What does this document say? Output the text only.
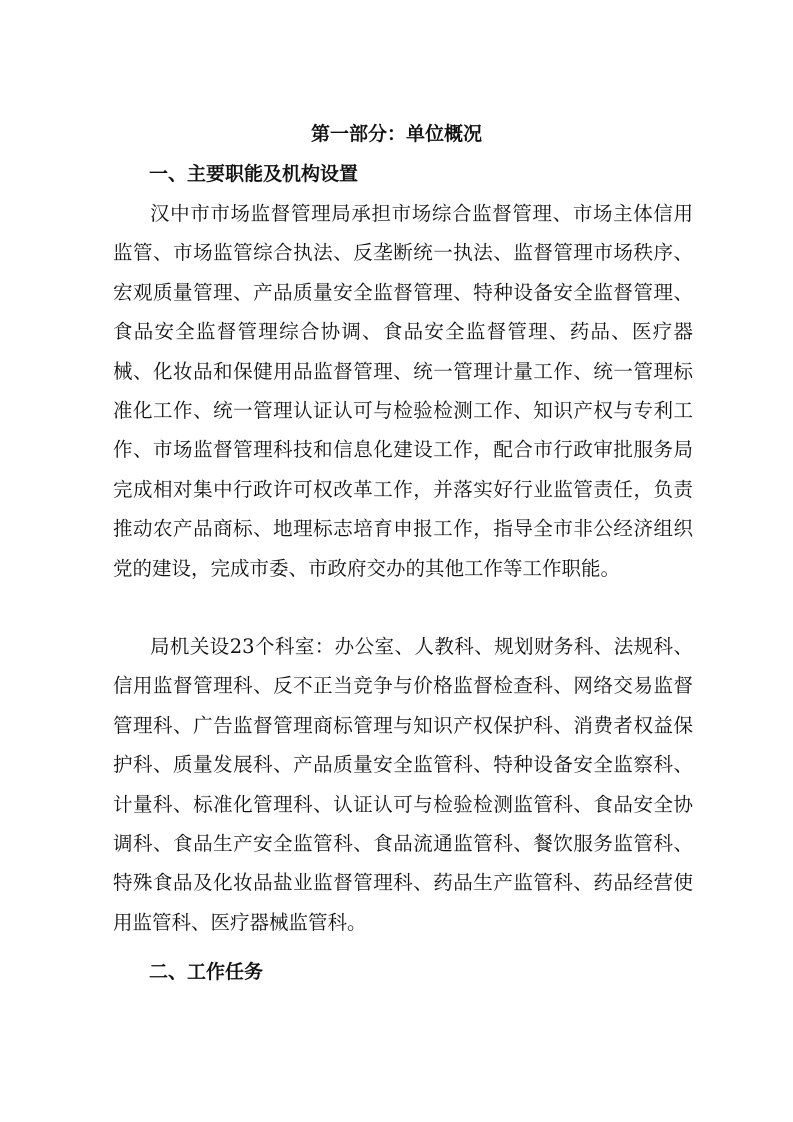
第一部分：单位概况
一、主要职能及机构设置

汉中市市场监督管理局承担市场综合监督管理、市场主体信用监管、市场监管综合执法、反垄断统一执法、监督管理市场秩序、宏观质量管理、产品质量安全监督管理、特种设备安全监督管理、食品安全监督管理综合协调、食品安全监督管理、药品、医疗器械、化妆品和保健用品监督管理、统一管理计量工作、统一管理标准化工作、统一管理认证认可与检验检测工作、知识产权与专利工作、市场监督管理科技和信息化建设工作，配合市行政审批服务局完成相对集中行政许可权改革工作，并落实好行业监管责任，负责推动农产品商标、地理标志培育申报工作，指导全市非公经济组织党的建设，完成市委、市政府交办的其他工作等工作职能。

局机关设23个科室：办公室、人教科、规划财务科、法规科、信用监督管理科、反不正当竞争与价格监督检查科、网络交易监督管理科、广告监督管理商标管理与知识产权保护科、消费者权益保护科、质量发展科、产品质量安全监管科、特种设备安全监察科、计量科、标准化管理科、认证认可与检验检测监管科、食品安全协调科、食品生产安全监管科、食品流通监管科、餐饮服务监管科、特殊食品及化妆品盐业监督管理科、药品生产监管科、药品经营使用监管科、医疗器械监管科。

二、工作任务
